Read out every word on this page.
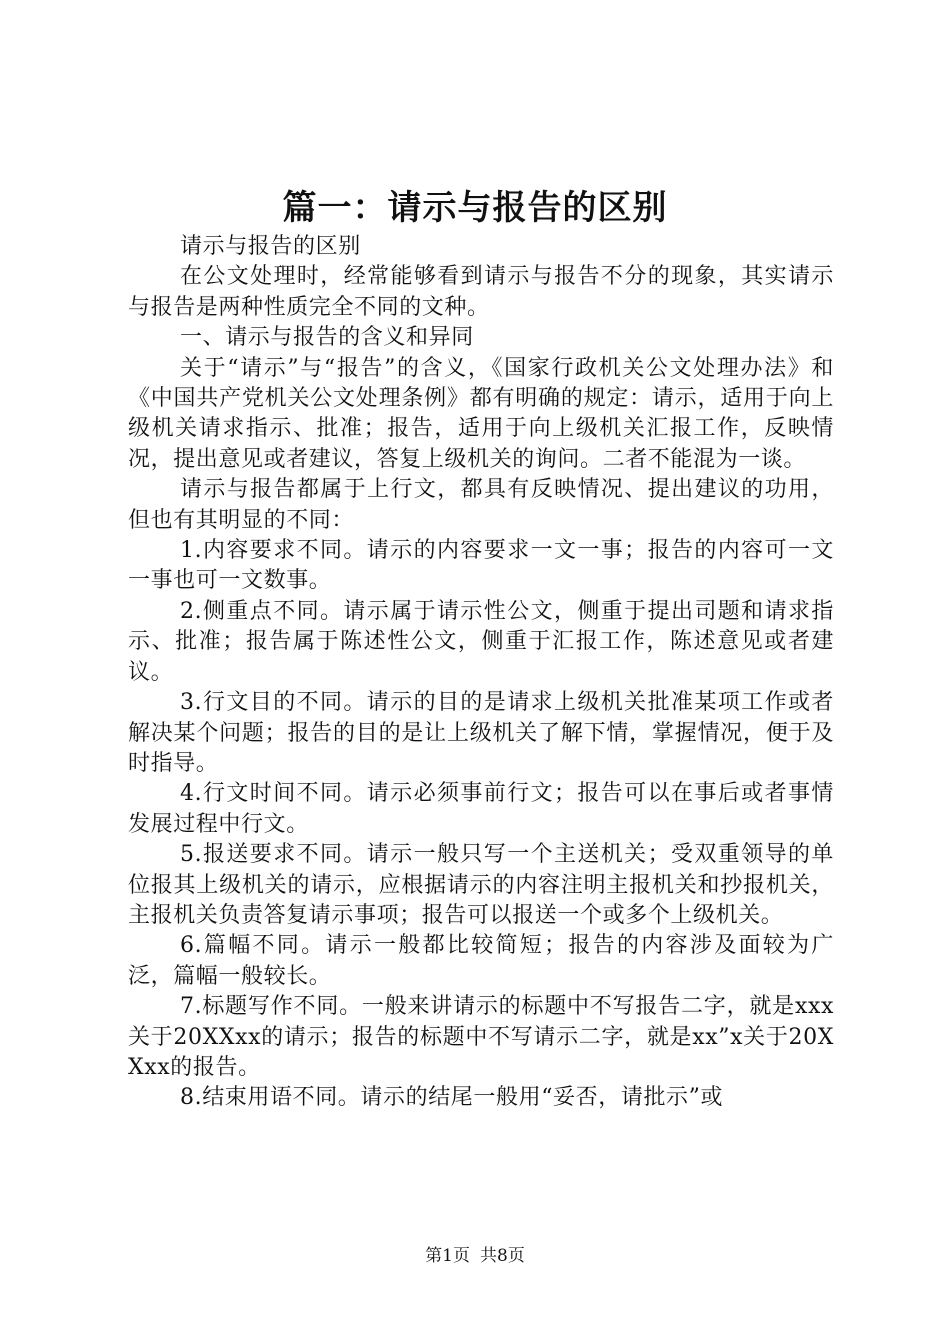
篇一：请示与报告的区别

请示与报告的区别

在公文处理时，经常能够看到请示与报告不分的现象，其实请示与报告是两种性质完全不同的文种。

一、请示与报告的含义和异同

关于“请示”与“报告”的含义，《国家行政机关公文处理办法》和《中国共产党机关公文处理条例》都有明确的规定：请示，适用于向上级机关请求指示、批准；报告，适用于向上级机关汇报工作，反映情况，提出意见或者建议，答复上级机关的询问。二者不能混为一谈。

请示与报告都属于上行文，都具有反映情况、提出建议的功用，但也有其明显的不同：

1.内容要求不同。请示的内容要求一文一事；报告的内容可一文一事也可一文数事。

2.侧重点不同。请示属于请示性公文，侧重于提出司题和请求指示、批准；报告属于陈述性公文，侧重于汇报工作，陈述意见或者建议。

3.行文目的不同。请示的目的是请求上级机关批准某项工作或者解决某个问题；报告的目的是让上级机关了解下情，掌握情况，便于及时指导。

4.行文时间不同。请示必须事前行文；报告可以在事后或者事情发展过程中行文。

5.报送要求不同。请示一般只写一个主送机关；受双重领导的单位报其上级机关的请示，应根据请示的内容注明主报机关和抄报机关，主报机关负责答复请示事项；报告可以报送一个或多个上级机关。

6.篇幅不同。请示一般都比较简短；报告的内容涉及面较为广泛，篇幅一般较长。

7.标题写作不同。一般来讲请示的标题中不写报告二字，就是xxx关于20XXxx的请示；报告的标题中不写请示二字，就是xx”x关于20XXxx的报告。

8.结束用语不同。请示的结尾一般用“妥否，请批示”或

第1页 共8页
